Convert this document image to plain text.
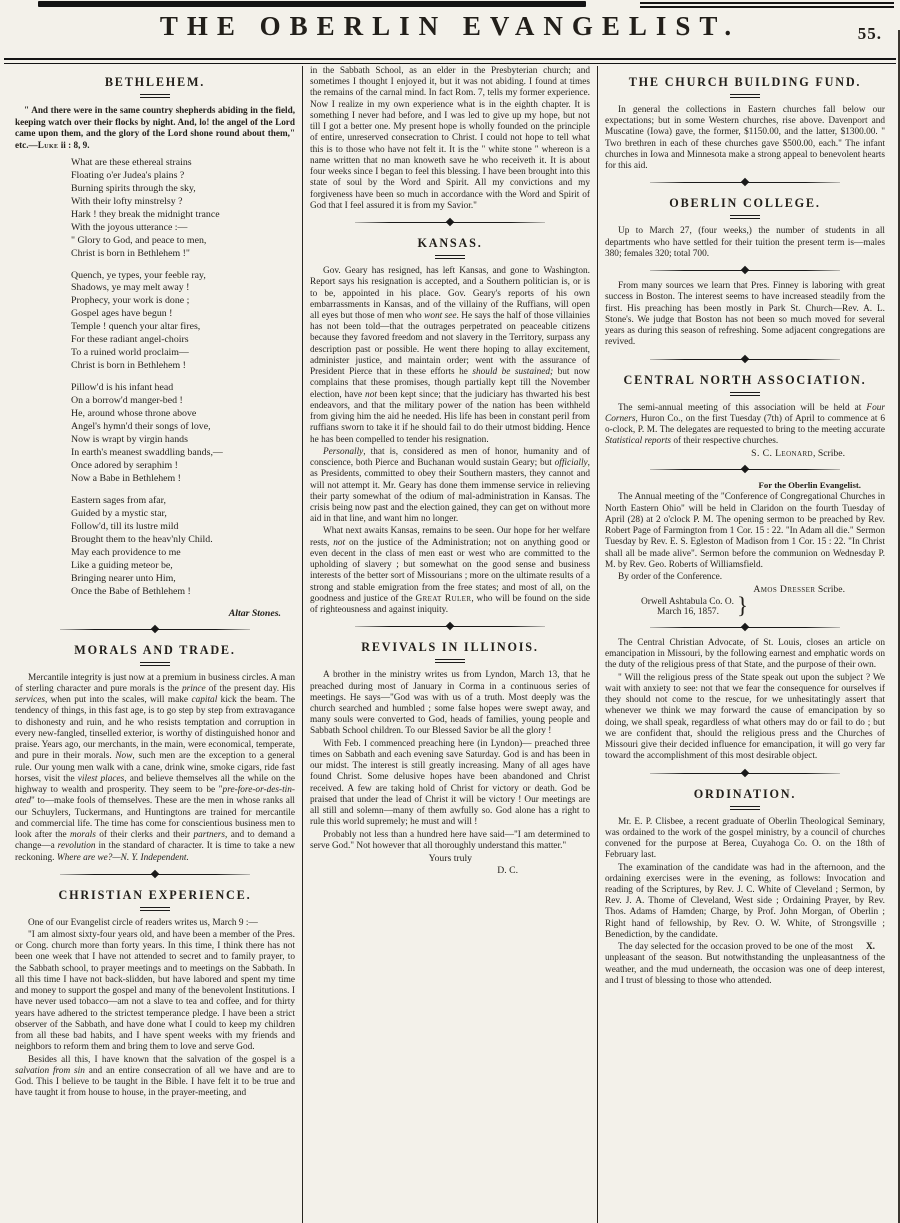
THE OBERLIN EVANGELIST.	55.
BETHLEHEM.

" And there were in the same country shepherds abiding in the field, keeping watch over their flocks by night. And, lo! the angel of the Lord came upon them, and the glory of the Lord shone round about them," etc.—Luke ii : 8, 9.

What are these ethereal strains
Floating o'er Judea's plains ?
Burning spirits through the sky,
With their lofty minstrelsy ?
Hark ! they break the midnight trance
With the joyous utterance :—
" Glory to God, and peace to men,
Christ is born in Bethlehem !"
Quench, ye types, your feeble ray,
Shadows, ye may melt away !
Prophecy, your work is done ;
Gospel ages have begun !
Temple ! quench your altar fires,
For these radiant angel-choirs
To a ruined world proclaim—
Christ is born in Bethlehem !
Pillow'd is his infant head
On a borrow'd manger-bed !
He, around whose throne above
Angel's hymn'd their songs of love,
Now is wrapt by virgin hands
In earth's meanest swaddling bands,—
Once adored by seraphim !
Now a Babe in Bethlehem !
Eastern sages from afar,
Guided by a mystic star,
Follow'd, till its lustre mild
Brought them to the heav'nly Child.
May each providence to me
Like a guiding meteor be,
Bringing nearer unto Him,
Once the Babe of Bethlehem !
Altar Stones.
MORALS AND TRADE.

Mercantile integrity is just now at a premium in business circles. A man of sterling character and pure morals is the prince of the present day. His services, when put into the scales, will make capital kick the beam. The tendency of things, in this fast age, is to go step by step from extravagance to dishonesty and ruin, and he who resists temptation and corruption in every new-fangled, tinselled exterior, is worthy of distinguished honor and praise. Years ago, our merchants, in the main, were economical, temperate, and pure in their morals. Now, such men are the exception to a general rule. Our young men walk with a cane, drink wine, smoke cigars, ride fast horses, visit the vilest places, and believe themselves all the while on the highway to wealth and prosperity. They seem to be "pre-fore-or-des-tin-ated" to—make fools of themselves. These are the men in whose ranks all our Schuylers, Tuckermans, and Huntingtons are trained for mercantile and commercial life. The time has come for conscientious business men to look after the morals of their clerks and their partners, and to demand a change—a revolution in the standard of character. It is time to take a new reckoning. Where are we?—N. Y. Independent.

CHRISTIAN EXPERIENCE.

One of our Evangelist circle of readers writes us, March 9 :—

"I am almost sixty-four years old, and have been a member of the Pres. or Cong. church more than forty years. In this time, I think there has not been one week that I have not attended to secret and to family prayer, to the Sabbath school, to prayer meetings and to meetings on the Sabbath. In all this time I have not back-slidden, but have labored and spent my time and money to support the gospel and many of the benevolent Institutions. I have never used tobacco—am not a slave to tea and coffee, and for thirty years have adhered to the strictest temperance pledge. I have been a strict observer of the Sabbath, and have done what I could to keep my children from all these bad habits, and I have spent weeks with my friends and neighbors to reform them and bring them to love and serve God.

Besides all this, I have known that the salvation of the gospel is a salvation from sin and an entire consecration of all we have and are to God. This I believe to be taught in the Bible. I have felt it to be true and have taught it from house to house, in the prayer-meeting, and

in the Sabbath School, as an elder in the Presbyterian church; and sometimes I thought I enjoyed it, but it was not abiding. I found at times the remains of the carnal mind. In fact Rom. 7, tells my former experience. Now I realize in my own experience what is in the eighth chapter. It is something I never had before, and I was led to give up my hope, but not till I got a better one. My present hope is wholly founded on the principle of entire, unreserved consecration to Christ. I could not hope to tell what this is to those who have not felt it. It is the " white stone " whereon is a name written that no man knoweth save he who receiveth it. It is about four weeks since I began to feel this blessing. I have been brought into this state of soul by the Word and Spirit. All my convictions and my forgiveness have been so much in accordance with the Word and Spirit of God that I feel assured it is from my Savior."

KANSAS.

Gov. Geary has resigned, has left Kansas, and gone to Washington. Report says his resignation is accepted, and a Southern politician is, or is to be, appointed in his place. Gov. Geary's reports of his own embarrassments in Kansas, and of the villainy of the Ruffians, will open all eyes but those of men who wont see. He says the half of those villainies has not been told—that the outrages perpetrated on peaceable citizens because they favored freedom and not slavery in the Territory, surpass any description past or possible. He went there hoping to allay excitement, administer justice, and maintain order; went with the assurance of President Pierce that in these efforts he should be sustained; but now complains that these promises, though partially kept till the November election, have not been kept since; that the judiciary has thwarted his best endeavors, and that the military power of the nation has been withheld from giving him the aid he needed. His life has been in constant peril from ruffians sworn to take it if he should fail to do their utmost bidding. Hence he has been compelled to tender his resignation.

Personally, that is, considered as men of honor, humanity and of conscience, both Pierce and Buchanan would sustain Geary; but officially, as Presidents, committed to obey their Southern masters, they cannot and will not attempt it. Mr. Geary has done them immense service in relieving their party somewhat of the odium of mal-administration in Kansas. The crisis being now past and the election gained, they can get on without more aid in that line, and want him no longer.

What next awaits Kansas, remains to be seen. Our hope for her welfare rests, not on the justice of the Administration; not on anything good or even decent in the class of men east or west who are committed to the upholding of slavery ; but somewhat on the good sense and business interests of the better sort of Missourians ; more on the ultimate results of a strong and stable emigration from the free states; and most of all, on the goodness and justice of the Great Ruler, who will be found on the side of righteousness and against iniquity.

REVIVALS IN ILLINOIS.

A brother in the ministry writes us from Lyndon, March 13, that he preached during most of January in Corma in a continuous series of meetings. He says—"God was with us of a truth. Most deeply was the church searched and humbled ; some false hopes were swept away, and many souls were converted to God, heads of families, young people and Sabbath School children. To our Blessed Savior be all the glory !

With Feb. I commenced preaching here (in Lyndon)— preached three times on Sabbath and each evening save Saturday. God is and has been in our midst. The interest is still greatly increasing. Many of all ages have found Christ. Some delusive hopes have been abandoned and Christ received. A few are taking hold of Christ for victory or death. God be praised that under the lead of Christ it will be victory ! Our meetings are all still and solemn—many of them awfully so. God alone has a right to rule this world supremely; he must and will !

Probably not less than a hundred here have said—"I am determined to serve God." Not however that all thoroughly understand this matter."

Yours truly
D. C.
THE CHURCH BUILDING FUND.

In general the collections in Eastern churches fall below our expectations; but in some Western churches, rise above. Davenport and Muscatine (Iowa) gave, the former, $1150.00, and the latter, $1300.00. " Two brethren in each of these churches gave $500.00, each." The infant churches in Iowa and Minnesota make a strong appeal to benevolent hearts for this aid.

OBERLIN COLLEGE.

Up to March 27, (four weeks,) the number of students in all departments who have settled for their tuition the present term is—males 380; females 320; total 700.

From many sources we learn that Pres. Finney is laboring with great success in Boston. The interest seems to have increased steadily from the first. His preaching has been mostly in Park St. Church—Rev. A. L. Stone's. We judge that Boston has not been so much moved for several years as during this season of refreshing. Some adjacent congregations are revived.

CENTRAL NORTH ASSOCIATION.

The semi-annual meeting of this association will be held at Four Corners, Huron Co., on the first Tuesday (7th) of April to commence at 6 o-clock, P. M. The delegates are requested to bring to the meeting accurate Statistical reports of their respective churches.

S. C. Leonard, Scribe.
For the Oberlin Evangelist.

The Annual meeting of the "Conference of Congregational Churches in North Eastern Ohio" will be held in Claridon on the fourth Tuesday of April (28) at 2 o'clock P. M. The opening sermon to be preached by Rev. Robert Page of Farmington from 1 Cor. 15 : 22. "In Adam all die." Sermon Tuesday by Rev. E. S. Egleston of Madison from 1 Cor. 15 : 22. "In Christ shall all be made alive". Sermon before the communion on Wednesday P. M. by Rev. Geo. Roberts of Williamsfield.

By order of the Conference.

Amos Dresser Scribe.
Orwell Ashtabula Co. O.
March 16, 1857. }

The Central Christian Advocate, of St. Louis, closes an article on emancipation in Missouri, by the following earnest and emphatic words on the duty of the religious press of that State, and the purpose of their own.

" Will the religious press of the State speak out upon the subject ? We wait with anxiety to see: not that we fear the consequence for ourselves if they should not come to the rescue, for we unhesitatingly assert that whenever we think we may forward the cause of emancipation by so doing, we shall speak, regardless of what others may do or fail to do ; but we are confident that, should the religious press and the Churches of Missouri give their decided influence for emancipation, it will go very far toward the accomplishment of this most desirable object.

ORDINATION.

Mr. E. P. Clisbee, a recent graduate of Oberlin Theological Seminary, was ordained to the work of the gospel ministry, by a council of churches convened for the purpose at Berea, Cuyahoga Co. O. on the 18th of February last.

The examination of the candidate was had in the afternoon, and the ordaining exercises were in the evening, as follows: Invocation and reading of the Scriptures, by Rev. J. C. White of Cleveland ; Sermon, by Rev. J. A. Thome of Cleveland, West side ; Ordaining Prayer, by Rev. Thos. Adams of Hamden; Charge, by Prof. John Morgan, of Oberlin ; Right hand of fellowship, by Rev. O. W. White, of Strongsville ; Benediction, by the candidate.

X.
The day selected for the occasion proved to be one of the most unpleasant of the season. But notwithstanding the unpleasantness of the weather, and the mud underneath, the occasion was one of deep interest, and I trust of blessing to those who attended.
